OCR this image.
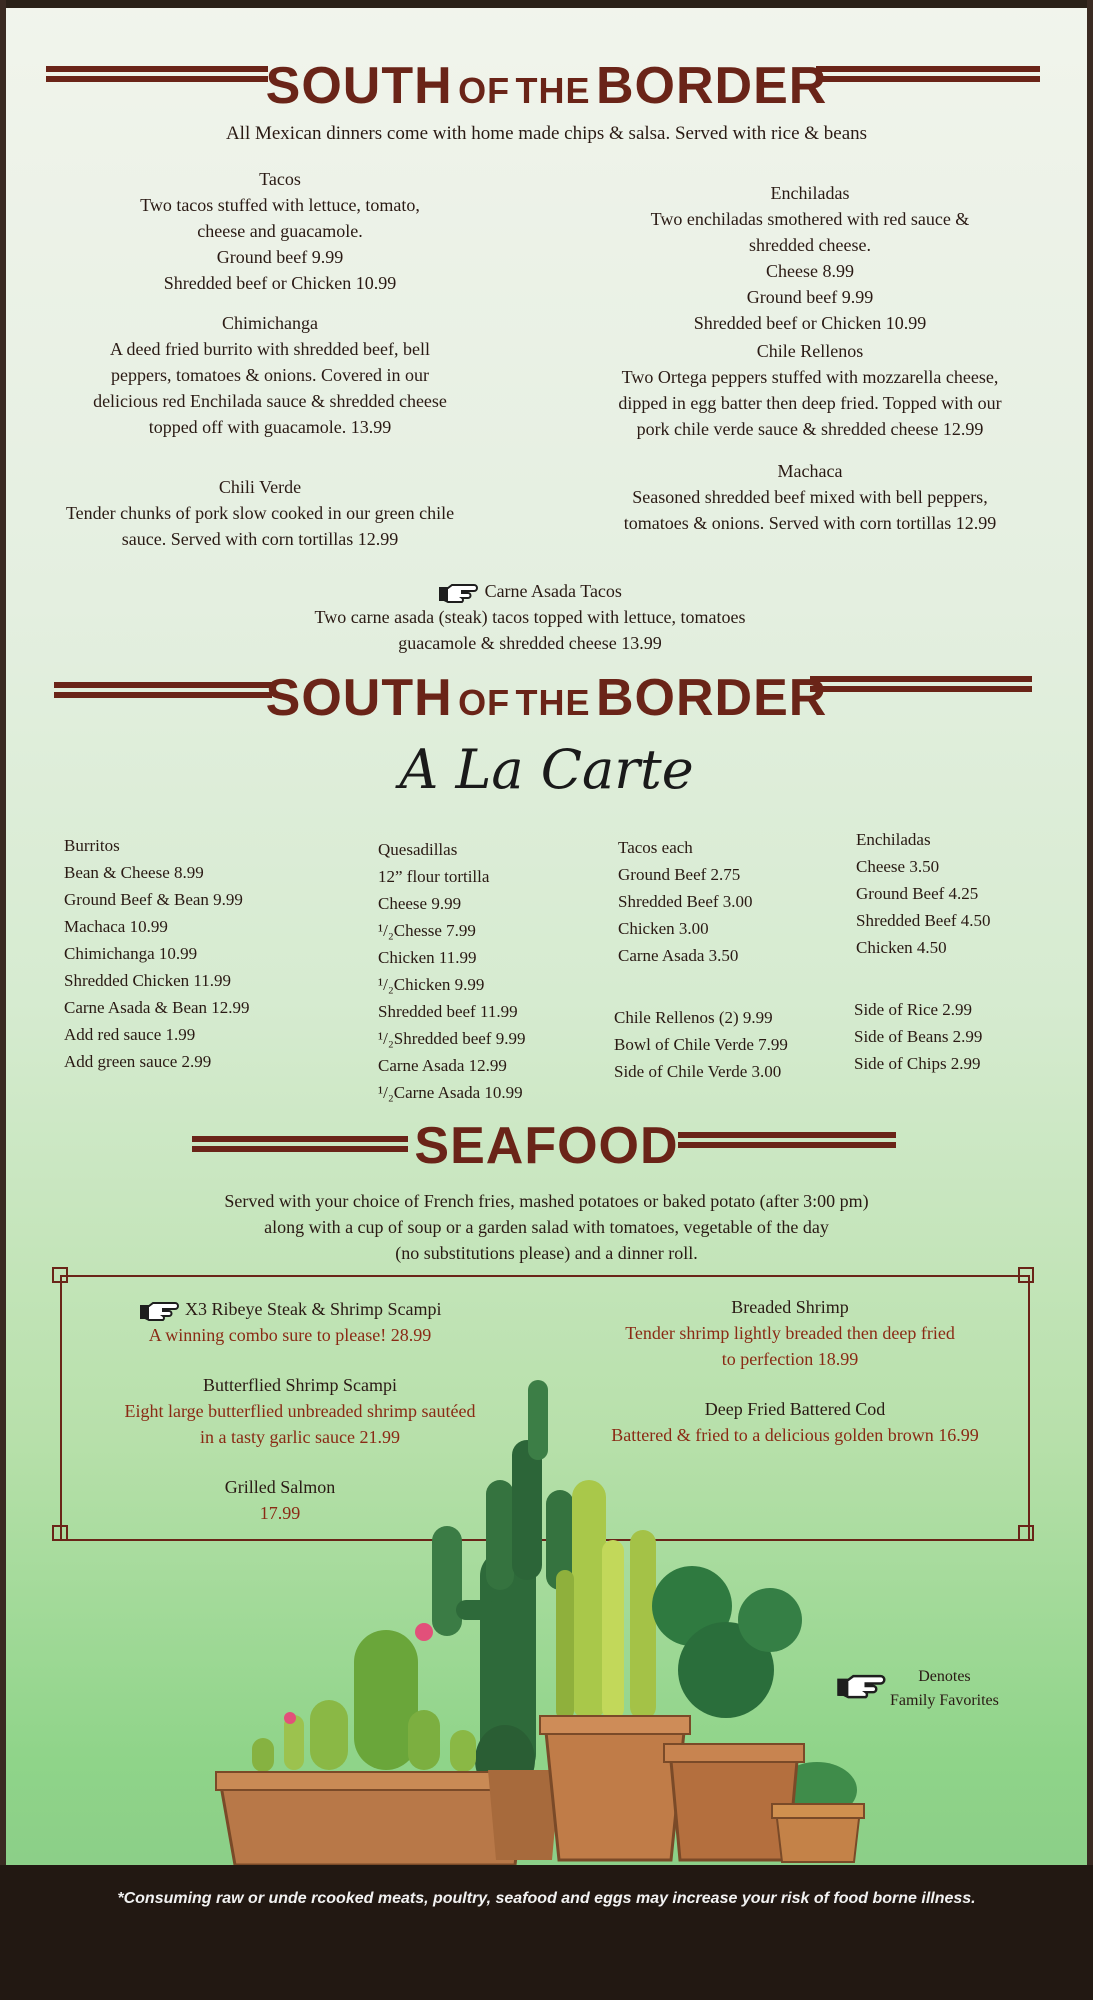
SOUTH OF THE BORDER
All Mexican dinners come with home made chips & salsa. Served with rice & beans
Tacos
Two tacos stuffed with lettuce, tomato,
cheese and guacamole.
Ground beef 9.99
Shredded beef or Chicken 10.99
Enchiladas
Two enchiladas smothered with red sauce &
shredded cheese.
Cheese 8.99
Ground beef 9.99
Shredded beef or Chicken 10.99
Chimichanga
A deed fried burrito with shredded beef, bell
peppers, tomatoes & onions. Covered in our
delicious red Enchilada sauce & shredded cheese
topped off with guacamole. 13.99
Chile Rellenos
Two Ortega peppers stuffed with mozzarella cheese,
dipped in egg batter then deep fried. Topped with our
pork chile verde sauce & shredded cheese 12.99
Chili Verde
Tender chunks of pork slow cooked in our green chile
sauce. Served with corn tortillas 12.99
Machaca
Seasoned shredded beef mixed with bell peppers,
tomatoes & onions. Served with corn tortillas 12.99
Carne Asada Tacos
Two carne asada (steak) tacos topped with lettuce, tomatoes
guacamole & shredded cheese 13.99
SOUTH OF THE BORDER
A La Carte
Burritos
Bean & Cheese 8.99
Ground Beef & Bean 9.99
Machaca 10.99
Chimichanga 10.99
Shredded Chicken 11.99
Carne Asada & Bean 12.99
Add red sauce 1.99
Add green sauce 2.99
Quesadillas
12” flour tortilla
Cheese 9.99
¹/₂Chesse 7.99
Chicken 11.99
¹/₂Chicken 9.99
Shredded beef 11.99
¹/₂Shredded beef 9.99
Carne Asada 12.99
¹/₂Carne Asada 10.99
Tacos each
Ground Beef 2.75
Shredded Beef 3.00
Chicken 3.00
Carne Asada 3.50
Chile Rellenos (2) 9.99
Bowl of Chile Verde 7.99
Side of Chile Verde 3.00
Enchiladas
Cheese 3.50
Ground Beef 4.25
Shredded Beef 4.50
Chicken 4.50
Side of Rice 2.99
Side of Beans 2.99
Side of Chips 2.99
SEAFOOD
Served with your choice of French fries, mashed potatoes or baked potato (after 3:00 pm)
along with a cup of soup or a garden salad with tomatoes, vegetable of the day
(no substitutions please) and a dinner roll.
X3 Ribeye Steak & Shrimp Scampi
A winning combo sure to please! 28.99
Breaded Shrimp
Tender shrimp lightly breaded then deep fried
to perfection 18.99
Butterflied Shrimp Scampi
Eight large butterflied unbreaded shrimp sautéed
in a tasty garlic sauce 21.99
Deep Fried Battered Cod
Battered & fried to a delicious golden brown 16.99
Grilled Salmon
17.99
Denotes
Family Favorites
*Consuming raw or unde rcooked meats, poultry, seafood and eggs may increase your risk of food borne illness.
